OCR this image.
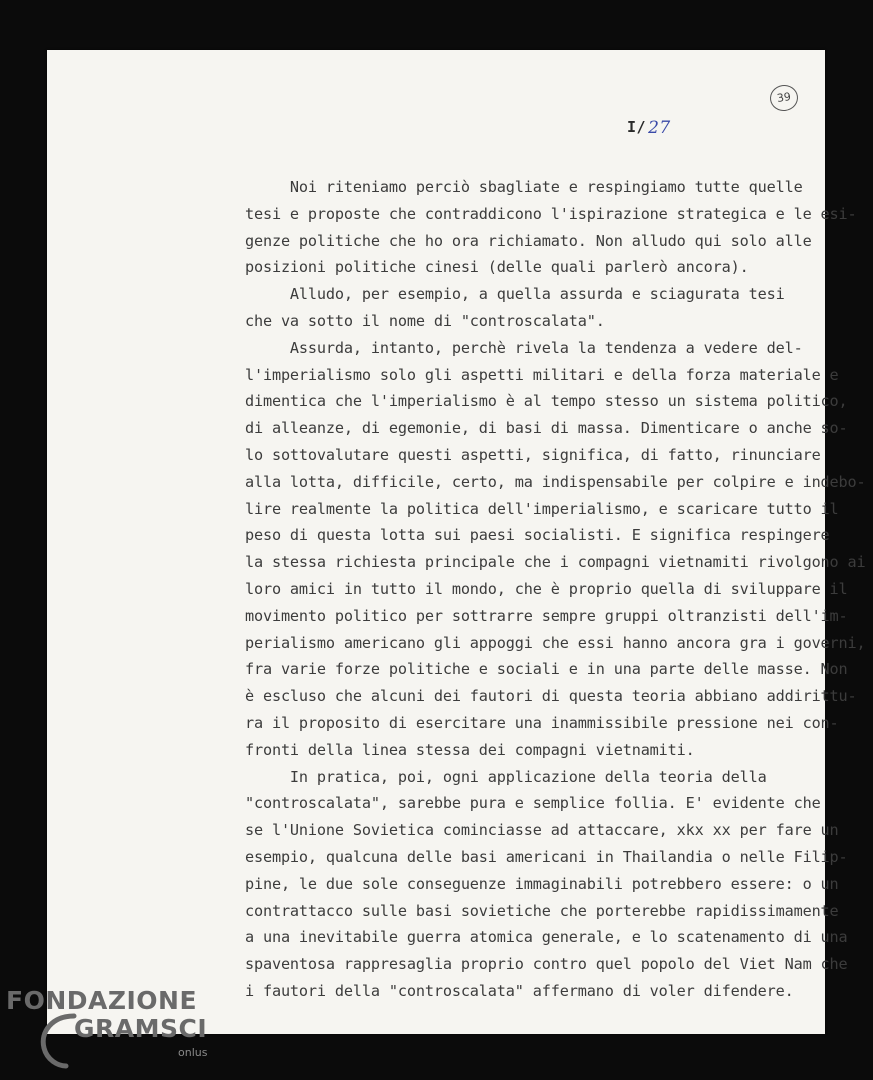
39
I/ 27
Noi riteniamo perciò sbagliate e respingiamo tutte quelle
tesi e proposte che contraddicono l'ispirazione strategica e le esi-
genze politiche che ho ora richiamato. Non alludo qui solo alle
posizioni politiche cinesi (delle quali parlerò ancora).
Alludo, per esempio, a quella assurda e sciagurata tesi
che va sotto il nome di "controscalata".
Assurda, intanto, perchè rivela la tendenza a vedere del-
l'imperialismo solo gli aspetti militari e della forza materiale e
dimentica che l'imperialismo è al tempo stesso un sistema politico,
di alleanze, di egemonie, di basi di massa. Dimenticare o anche so-
lo sottovalutare questi aspetti, significa, di fatto, rinunciare
alla lotta, difficile, certo, ma indispensabile per colpire e indebo-
lire realmente la politica dell'imperialismo, e scaricare tutto il
peso di questa lotta sui paesi socialisti. E significa respingere
la stessa richiesta principale che i compagni vietnamiti rivolgono ai
loro amici in tutto il mondo, che è proprio quella di sviluppare il
movimento politico per sottrarre sempre gruppi oltranzisti dell'im-
perialismo americano gli appoggi che essi hanno ancora gra i governi,
fra varie forze politiche e sociali e in una parte delle masse. Non
è escluso che alcuni dei fautori di questa teoria abbiano addirittu-
ra il proposito di esercitare una inammissibile pressione nei con-
fronti della linea stessa dei compagni vietnamiti.
In pratica, poi, ogni applicazione della teoria della
"controscalata", sarebbe pura e semplice follia. E' evidente che
se l'Unione Sovietica cominciasse ad attaccare, xkx xx per fare un
esempio, qualcuna delle basi americani in Thailandia o nelle Filip-
pine, le due sole conseguenze immaginabili potrebbero essere: o un
contrattacco sulle basi sovietiche che porterebbe rapidissimamente
a una inevitabile guerra atomica generale, e lo scatenamento di una
spaventosa rappresaglia proprio contro quel popolo del Viet Nam che
i fautori della "controscalata" affermano di voler difendere.
FONDAZIONE
GRAMSCI
onlus
